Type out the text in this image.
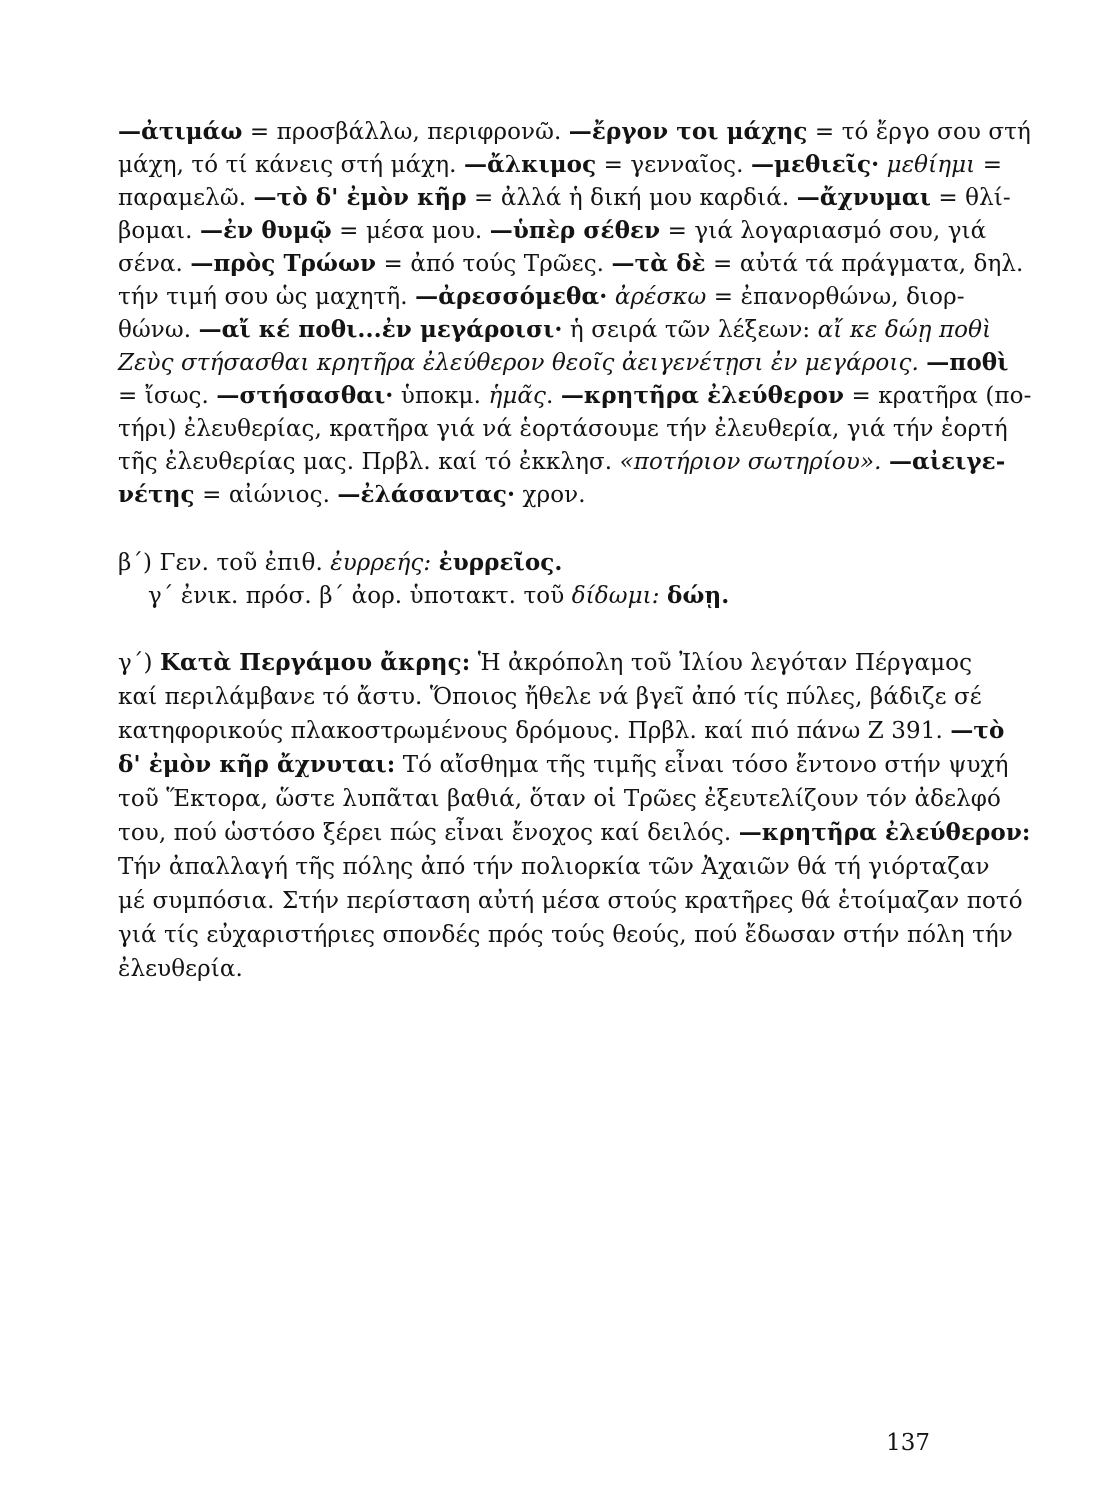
—ἀτιμάω = προσβάλλω, περιφρονῶ. —ἔργον τοι μάχης = τό ἔργο σου στή
μάχη, τό τί κάνεις στή μάχη. —ἄλκιμος = γενναῖος. —μεθιεῖς· μεθίημι =
παραμελῶ. —τὸ δ' ἐμὸν κῆρ = ἀλλά ἡ δική μου καρδιά. —ἄχνυμαι = θλί-
βομαι. —ἐν θυμῷ = μέσα μου. —ὑπὲρ σέθεν = γιά λογαριασμό σου, γιά
σένα. —πρὸς Τρώων = ἀπό τούς Τρῶες. —τὰ δὲ = αὐτά τά πράγματα, δηλ.
τήν τιμή σου ὡς μαχητῆ. —ἀρεσσόμεθα· ἀρέσκω = ἐπανορθώνω, διορ-
θώνω. —αἴ κέ ποθι...ἐν μεγάροισι· ἡ σειρά τῶν λέξεων: αἴ κε δώῃ ποθὶ
Ζεὺς στήσασθαι κρητῆρα ἐλεύθερον θεοῖς ἀειγενέτῃσι ἐν μεγάροις. —ποθὶ
= ἴσως. —στήσασθαι· ὑποκμ. ἡμᾶς. —κρητῆρα ἐλεύθερον = κρατῆρα (πο-
τήρι) ἐλευθερίας, κρατῆρα γιά νά ἑορτάσουμε τήν ἐλευθερία, γιά τήν ἑορτή
τῆς ἐλευθερίας μας. Πρβλ. καί τό ἐκκλησ. «ποτήριον σωτηρίου». —αἰειγε-
νέτης = αἰώνιος. —ἐλάσαντας· χρον.
β΄) Γεν. τοῦ ἐπιθ. ἐυρρεής: ἐυρρεῖος.
γ΄ ἐνικ. πρόσ. β΄ ἀορ. ὑποτακτ. τοῦ δίδωμι: δώῃ.
γ΄) Κατὰ Περγάμου ἄκρης: Ἡ ἀκρόπολη τοῦ Ἰλίου λεγόταν Πέργαμος
καί περιλάμβανε τό ἄστυ. Ὅποιος ἤθελε νά βγεῖ ἀπό τίς πύλες, βάδιζε σέ
κατηφορικούς πλακοστρωμένους δρόμους. Πρβλ. καί πιό πάνω Ζ 391. —τὸ
δ' ἐμὸν κῆρ ἄχνυται: Τό αἴσθημα τῆς τιμῆς εἶναι τόσο ἔντονο στήν ψυχή
τοῦ Ἕκτορα, ὥστε λυπᾶται βαθιά, ὅταν οἱ Τρῶες ἐξευτελίζουν τόν ἀδελφό
του, πού ὡστόσο ξέρει πώς εἶναι ἔνοχος καί δειλός. —κρητῆρα ἐλεύθερον:
Τήν ἀπαλλαγή τῆς πόλης ἀπό τήν πολιορκία τῶν Ἀχαιῶν θά τή γιόρταζαν
μέ συμπόσια. Στήν περίσταση αὐτή μέσα στούς κρατῆρες θά ἑτοίμαζαν ποτό
γιά τίς εὐχαριστήριες σπονδές πρός τούς θεούς, πού ἔδωσαν στήν πόλη τήν
ἐλευθερία.
137
